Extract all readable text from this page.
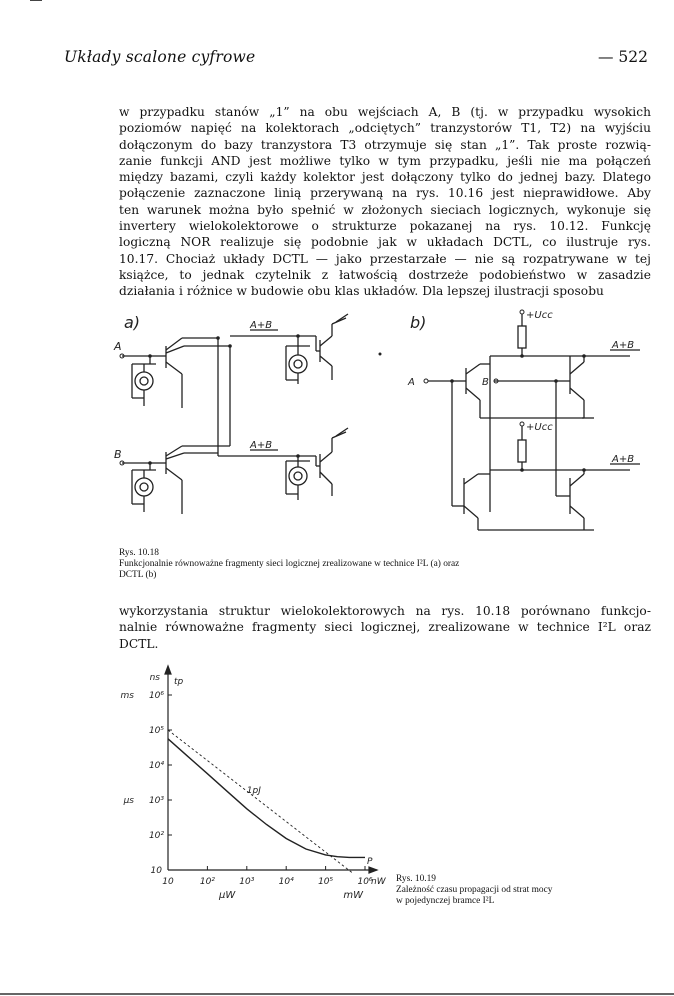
Układy scalone cyfrowe	— 522

w przypadku stanów „1” na obu wejściach A, B (tj. w przypadku wysokich
poziomów napięć na kolektorach „odciętych” tranzystorów T1, T2) na wyjściu
dołączonym do bazy tranzystora T3 otrzymuje się stan „1”. Tak proste rozwią-
zanie funkcji AND jest możliwe tylko w tym przypadku, jeśli nie ma połączeń
między bazami, czyli każdy kolektor jest dołączony tylko do jednej bazy. Dlatego
połączenie zaznaczone linią przerywaną na rys. 10.16 jest nieprawidłowe. Aby
ten warunek można było spełnić w złożonych sieciach logicznych, wykonuje się
invertery wielokolektorowe o strukturze pokazanej na rys. 10.12. Funkcję
logiczną NOR realizuje się podobnie jak w układach DCTL, co ilustruje rys.
10.17. Chociaż układy DCTL — jako przestarzałe — nie są rozpatrywane w tej
książce, to jednak czytelnik z łatwością dostrzeże podobieństwo w zasadzie
działania i różnice w budowie obu klas układów. Dla lepszej ilustracji sposobu

a)
A
B
A+B
A+B
b)	+Ucc
+Ucc
A	B
A+B
A+B
Rys. 10.18
Funkcjonalnie równoważne fragmenty sieci logicznej zrealizowane w technice I²L (a) oraz
DCTL (b)

wykorzystania struktur wielokolektorowych na rys. 10.18 porównano funkcjo-
nalnie równoważne fragmenty sieci logicznej, zrealizowane w technice I²L oraz
DCTL.

10²
10³
10⁴
10⁵
10⁶
10	10²	10³	10⁴	10⁵	10⁶
10
ns tp
ms
μs
P
nW
μW	mW
1pJ
Rys. 10.19
Zależność czasu propagacji od strat mocy
w pojedynczej bramce I²L
